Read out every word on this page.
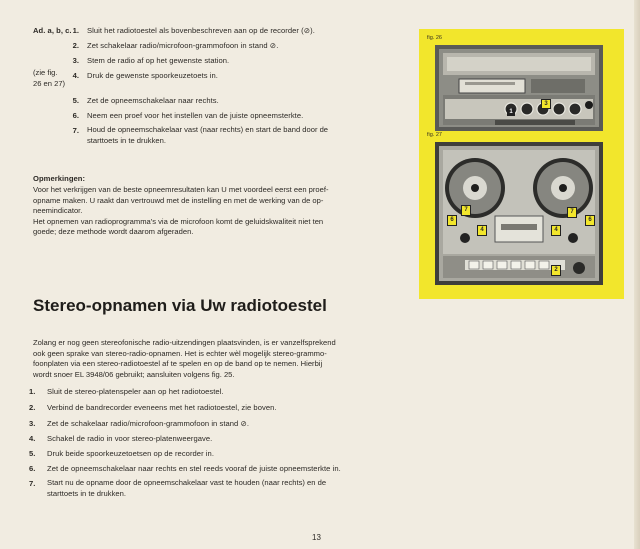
Ad. a, b, c. 1. Sluit het radiotoestel als bovenbeschreven aan op de recorder (⊘).
2. Zet schakelaar radio/microfoon-grammofoon in stand ⊘.
3. Stem de radio af op het gewenste station.
(zie fig.
26 en 27)
4. Druk de gewenste spoorkeuzetoets in.
5. Zet de opneemschakelaar naar rechts.
6. Neem een proef voor het instellen van de juiste opneemsterkte.
7. Houd de opneemschakelaar vast (naar rechts) en start de band door de
starttoets in te drukken.
Opmerkingen:
Voor het verkrijgen van de beste opneemresultaten kan U met voordeel eerst een proef-
opname maken. U raakt dan vertrouwd met de instelling en met de werking van de op-
neemindicator.
Het opnemen van radioprogramma's via de microfoon komt de geluidskwaliteit niet ten
goede; deze methode wordt daarom afgeraden.
fig. 26
fig. 27
3
1
7
4
6
7
4
6
2
Stereo-opnamen via Uw radiotoestel
Zolang er nog geen stereofonische radio-uitzendingen plaatsvinden, is er vanzelfsprekend
ook geen sprake van stereo-radio-opnamen. Het is echter wèl mogelijk stereo-grammo-
foonplaten via een stereo-radiotoestel af te spelen en op de band op te nemen. Hierbij
wordt snoer EL 3948/06 gebruikt; aansluiten volgens fig. 25.
1.	Sluit de stereo-platenspeler aan op het radiotoestel.
2.	Verbind de bandrecorder eveneens met het radiotoestel, zie boven.
3.	Zet de schakelaar radio/microfoon-grammofoon in stand ⊘.
4.	Schakel de radio in voor stereo-platenweergave.
5.	Druk beide spoorkeuzetoetsen op de recorder in.
6.	Zet de opneemschakelaar naar rechts en stel reeds vooraf de juiste opneemsterkte in.
7.	Start nu de opname door de opneemschakelaar vast te houden (naar rechts) en de
starttoets in te drukken.
13
